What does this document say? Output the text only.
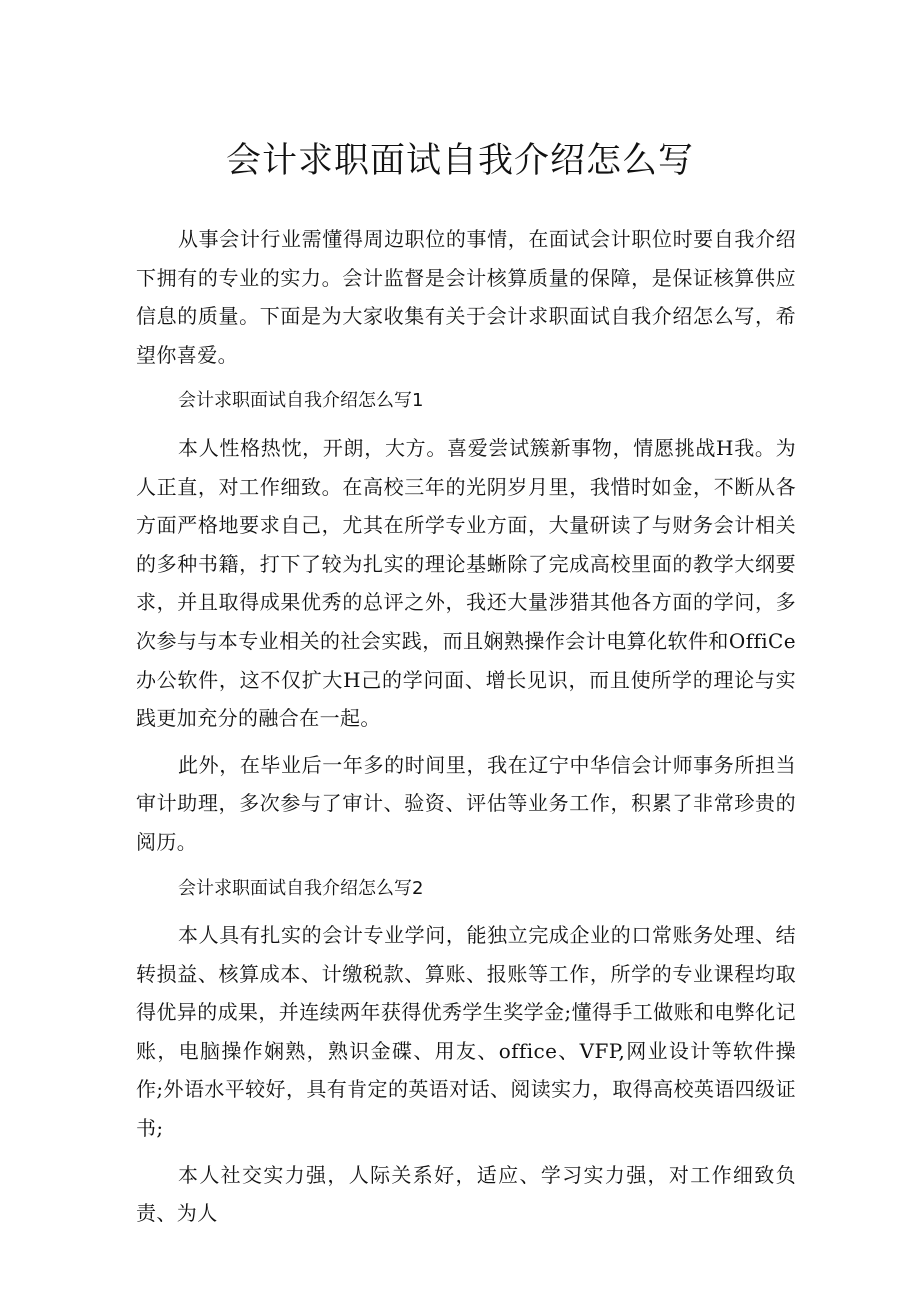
会计求职面试自我介绍怎么写

从事会计行业需懂得周边职位的事情，在面试会计职位时要自我介绍下拥有的专业的实力。会计监督是会计核算质量的保障，是保证核算供应信息的质量。下面是为大家收集有关于会计求职面试自我介绍怎么写，希望你喜爱。

会计求职面试自我介绍怎么写1

本人性格热忱，开朗，大方。喜爱尝试簇新事物，情愿挑战H我。为人正直，对工作细致。在高校三年的光阴岁月里，我惜时如金，不断从各方面严格地要求自己，尤其在所学专业方面，大量研读了与财务会计相关的多种书籍，打下了较为扎实的理论基蜥除了完成高校里面的教学大纲要求，并且取得成果优秀的总评之外，我还大量涉猎其他各方面的学问，多次参与与本专业相关的社会实践，而且娴熟操作会计电算化软件和OffiCe办公软件，这不仅扩大H己的学问面、增长见识，而且使所学的理论与实践更加充分的融合在一起。

此外，在毕业后一年多的时间里，我在辽宁中华信会计师事务所担当审计助理，多次参与了审计、验资、评估等业务工作，积累了非常珍贵的阅历。

会计求职面试自我介绍怎么写2

本人具有扎实的会计专业学问，能独立完成企业的口常账务处理、结转损益、核算成本、计缴税款、算账、报账等工作，所学的专业课程均取得优异的成果，并连续两年获得优秀学生奖学金;懂得手工做账和电弊化记账，电脑操作娴熟，熟识金碟、用友、office、VFP,网业设计等软件操作;外语水平较好，具有肯定的英语对话、阅读实力，取得高校英语四级证书;

本人社交实力强，人际关系好，适应、学习实力强，对工作细致负责、为人
